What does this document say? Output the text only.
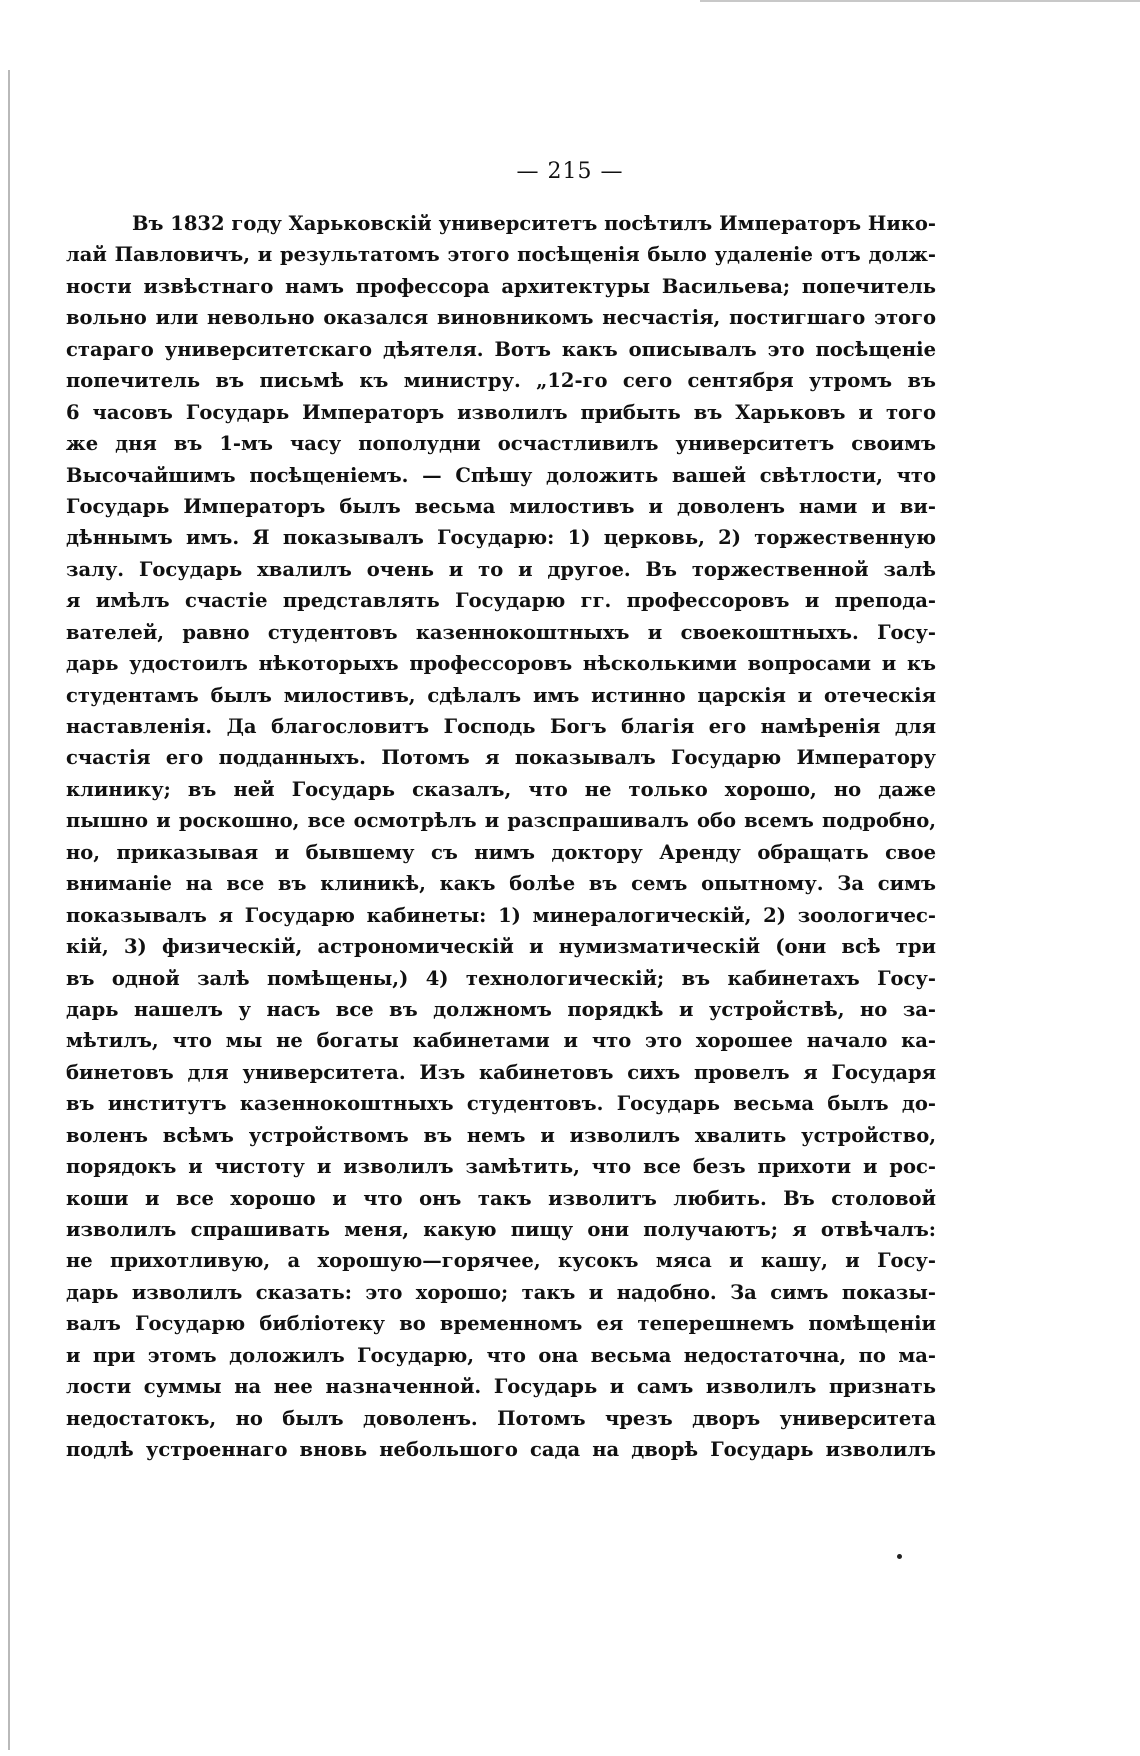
— 215 —
Въ 1832 году Харьковскій университетъ посѣтилъ Императоръ Нико-
лай Павловичъ, и результатомъ этого посѣщенія было удаленіе отъ долж-
ности извѣстнаго намъ профессора архитектуры Васильева; попечитель
вольно или невольно оказался виновникомъ несчастія, постигшаго этого
стараго университетскаго дѣятеля. Вотъ какъ описывалъ это посѣщеніе
попечитель въ письмѣ къ министру. „12-го сего сентября утромъ въ
6 часовъ Государь Императоръ изволилъ прибыть въ Харьковъ и того
же дня въ 1-мъ часу пополудни осчастливилъ университетъ своимъ
Высочайшимъ посѣщеніемъ. — Спѣшу доложить вашей свѣтлости, что
Государь Императоръ былъ весьма милостивъ и доволенъ нами и ви-
дѣннымъ имъ. Я показывалъ Государю: 1) церковь, 2) торжественную
залу. Государь хвалилъ очень и то и другое. Въ торжественной залѣ
я имѣлъ счастіе представлять Государю гг. профессоровъ и препода-
вателей, равно студентовъ казеннокоштныхъ и своекоштныхъ. Госу-
дарь удостоилъ нѣкоторыхъ профессоровъ нѣсколькими вопросами и къ
студентамъ былъ милостивъ, сдѣлалъ имъ истинно царскія и отеческія
наставленія. Да благословитъ Господь Богъ благія его намѣренія для
счастія его подданныхъ. Потомъ я показывалъ Государю Императору
клинику; въ ней Государь сказалъ, что не только хорошо, но даже
пышно и роскошно, все осмотрѣлъ и разспрашивалъ обо всемъ подробно,
но, приказывая и бывшему съ нимъ доктору Аренду обращать свое
вниманіе на все въ клиникѣ, какъ болѣе въ семъ опытному. За симъ
показывалъ я Государю кабинеты: 1) минералогическій, 2) зоологичес-
кій, 3) физическій, астрономическій и нумизматическій (они всѣ три
въ одной залѣ помѣщены,) 4) технологическій; въ кабинетахъ Госу-
дарь нашелъ у насъ все въ должномъ порядкѣ и устройствѣ, но за-
мѣтилъ, что мы не богаты кабинетами и что это хорошее начало ка-
бинетовъ для университета. Изъ кабинетовъ сихъ провелъ я Государя
въ институтъ казеннокоштныхъ студентовъ. Государь весьма былъ до-
воленъ всѣмъ устройствомъ въ немъ и изволилъ хвалить устройство,
порядокъ и чистоту и изволилъ замѣтить, что все безъ прихоти и рос-
коши и все хорошо и что онъ такъ изволитъ любить. Въ столовой
изволилъ спрашивать меня, какую пищу они получаютъ; я отвѣчалъ:
не прихотливую, а хорошую—горячее, кусокъ мяса и кашу, и Госу-
дарь изволилъ сказать: это хорошо; такъ и надобно. За симъ показы-
валъ Государю библіотеку во временномъ ея теперешнемъ помѣщеніи
и при этомъ доложилъ Государю, что она весьма недостаточна, по ма-
лости суммы на нее назначенной. Государь и самъ изволилъ признать
недостатокъ, но былъ доволенъ. Потомъ чрезъ дворъ университета
подлѣ устроеннаго вновь небольшого сада на дворѣ Государь изволилъ
